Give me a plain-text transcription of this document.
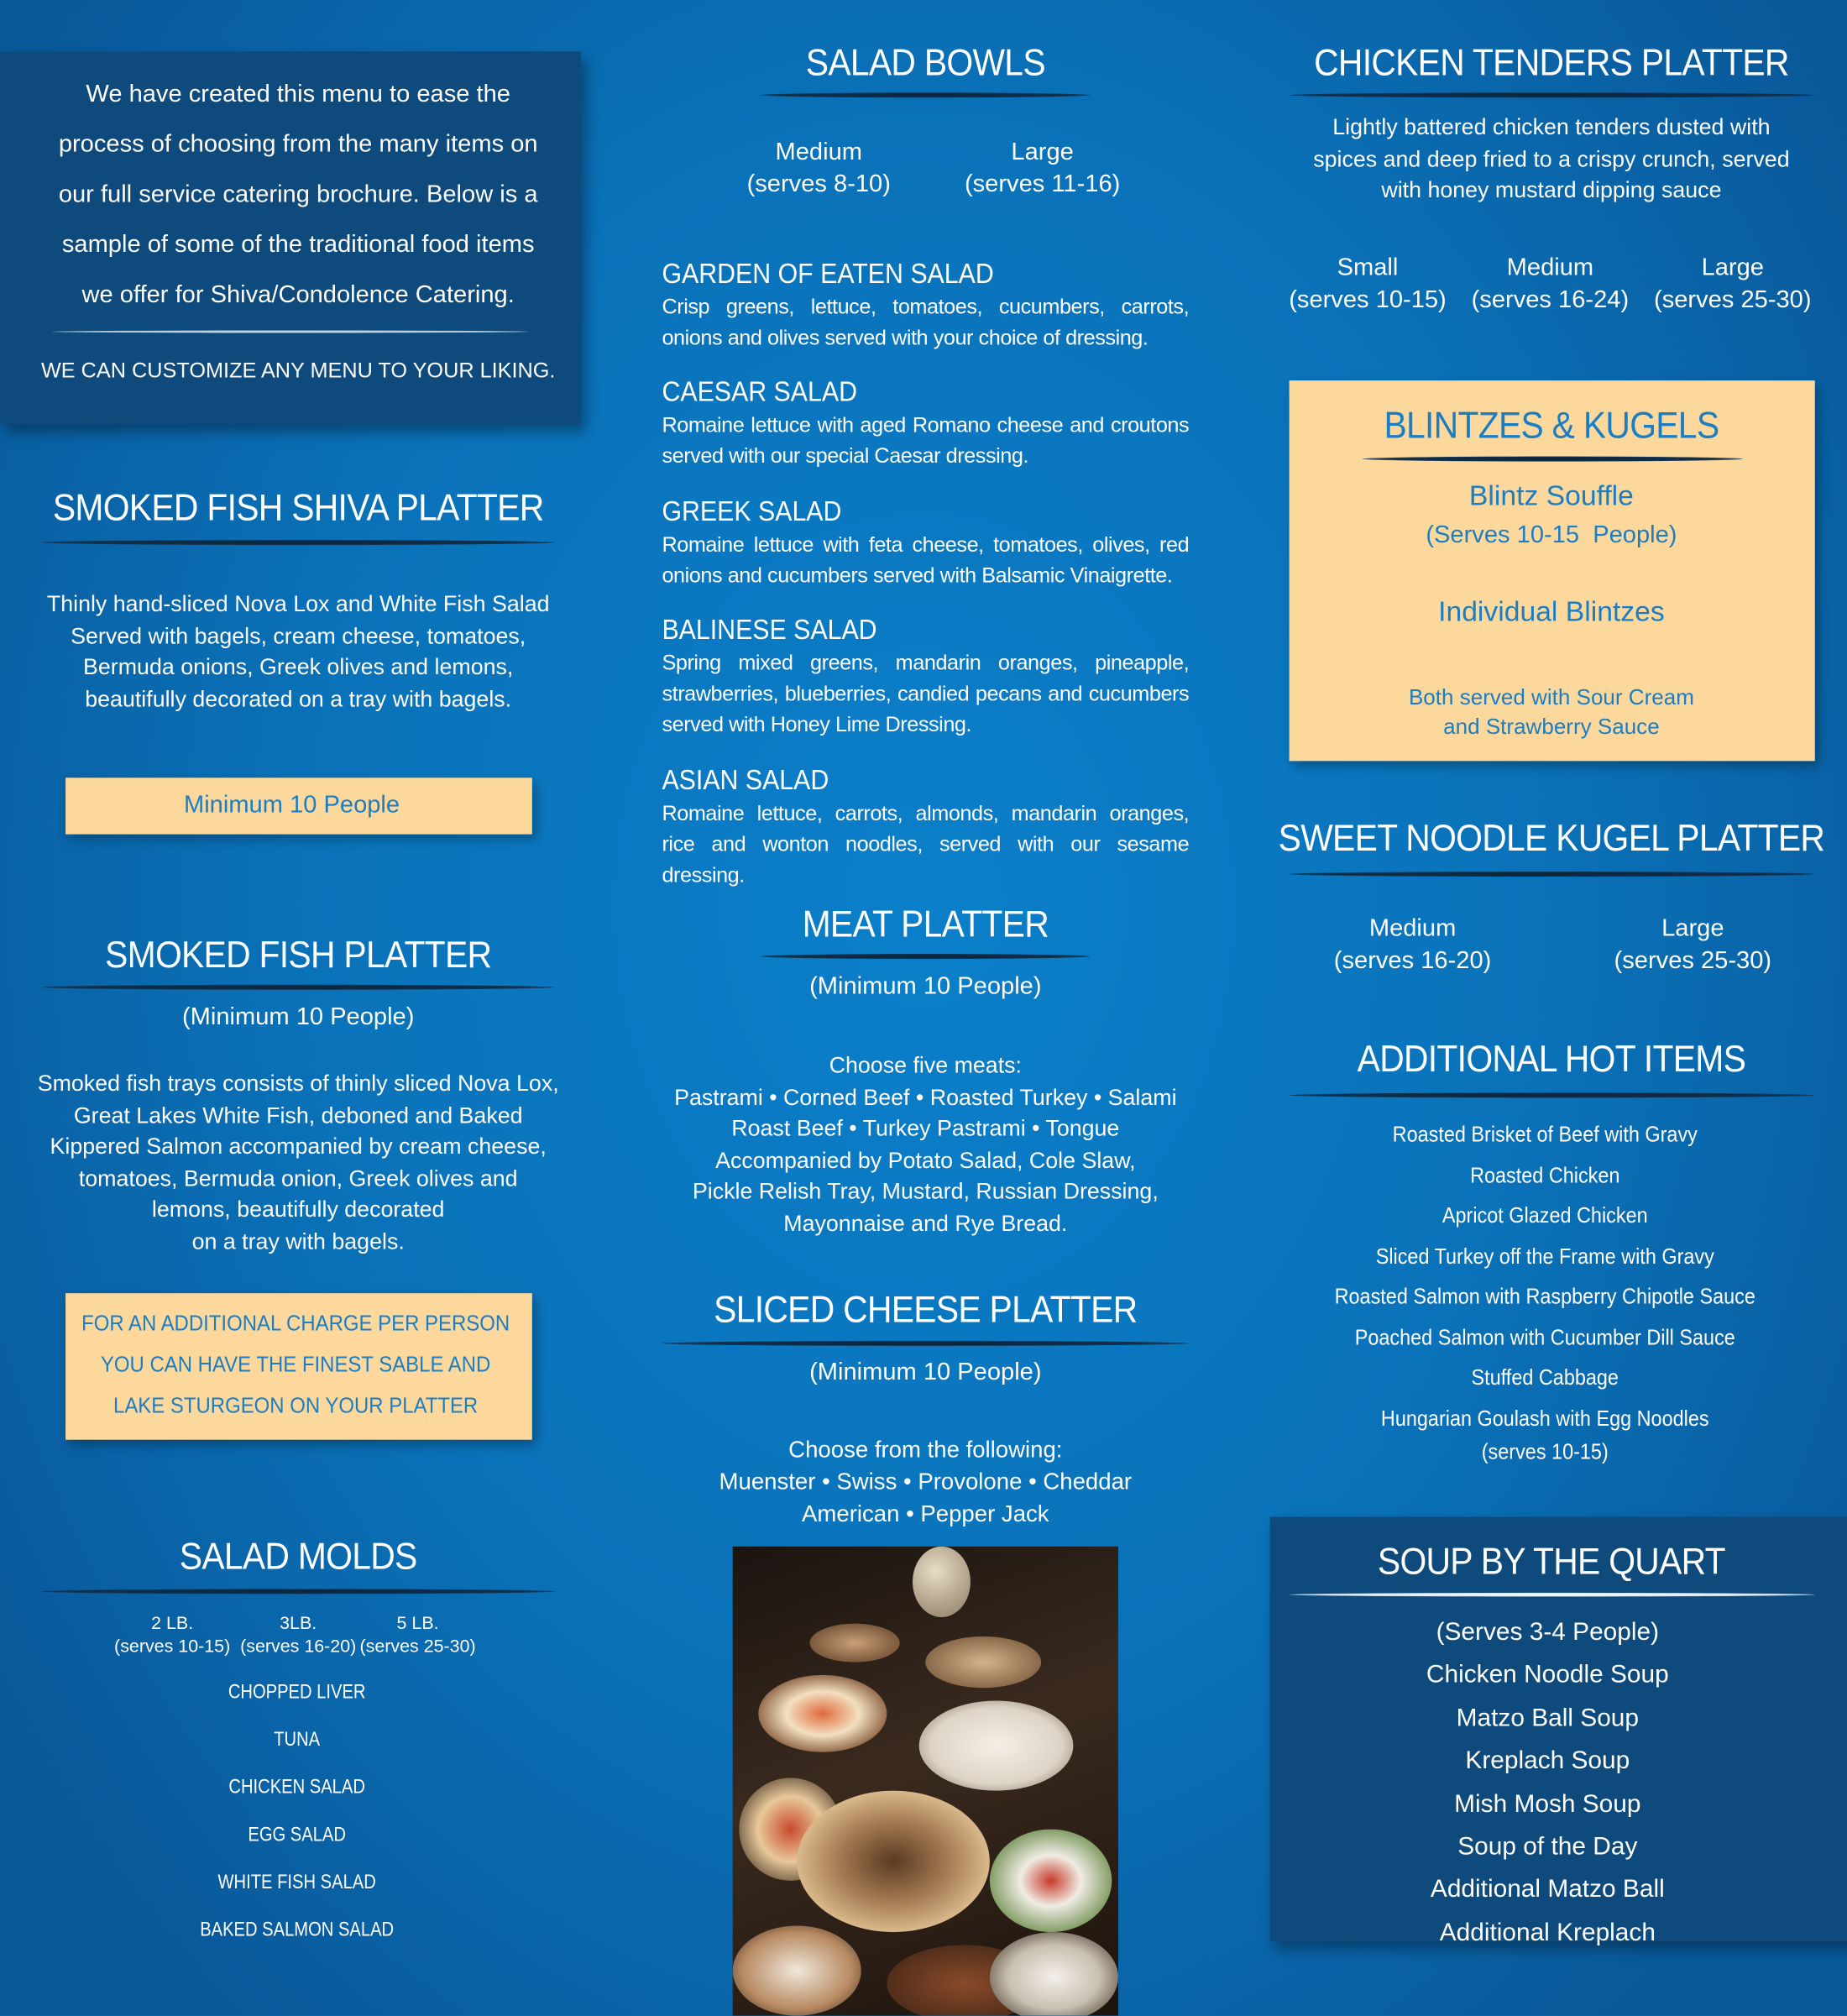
We have created this menu to ease the
process of choosing from the many items on
our full service catering brochure. Below is a
sample of some of the traditional food items
we offer for Shiva/Condolence Catering.
WE CAN CUSTOMIZE ANY MENU TO YOUR LIKING.
SMOKED FISH SHIVA PLATTER
Thinly hand-sliced Nova Lox and White Fish Salad
Served with bagels, cream cheese, tomatoes,
Bermuda onions, Greek olives and lemons,
beautifully decorated on a tray with bagels.
Minimum 10 People
SMOKED FISH PLATTER
(Minimum 10 People)
Smoked fish trays consists of thinly sliced Nova Lox,
Great Lakes White Fish, deboned and Baked
Kippered Salmon accompanied by cream cheese,
tomatoes, Bermuda onion, Greek olives and
lemons, beautifully decorated
on a tray with bagels.
FOR AN ADDITIONAL CHARGE PER PERSON
YOU CAN HAVE THE FINEST SABLE AND
LAKE STURGEON ON YOUR PLATTER
SALAD MOLDS
2 LB.
(serves 10-15)
3LB.
(serves 16-20)
5 LB.
(serves 25-30)
CHOPPED LIVER
TUNA
CHICKEN SALAD
EGG SALAD
WHITE FISH SALAD
BAKED SALMON SALAD
SALAD BOWLS
Medium
(serves 8-10)
Large
(serves 11-16)
GARDEN OF EATEN SALAD
Crisp greens, lettuce, tomatoes, cucumbers, carrots, onions and olives served with your choice of dressing.
CAESAR SALAD
Romaine lettuce with aged Romano cheese and croutons served with our special Caesar dressing.
GREEK SALAD
Romaine lettuce with feta cheese, tomatoes, olives, red onions and cucumbers served with Balsamic Vinaigrette.
BALINESE SALAD
Spring mixed greens, mandarin oranges, pineapple, strawberries, blueberries, candied pecans and cucumbers served with Honey Lime Dressing.
ASIAN SALAD
Romaine lettuce, carrots, almonds, mandarin oranges, rice and wonton noodles, served with our sesame dressing.
MEAT PLATTER
(Minimum 10 People)
Choose five meats:
Pastrami • Corned Beef • Roasted Turkey • Salami
Roast Beef • Turkey Pastrami • Tongue
Accompanied by Potato Salad, Cole Slaw,
Pickle Relish Tray, Mustard, Russian Dressing,
Mayonnaise and Rye Bread.
SLICED CHEESE PLATTER
(Minimum 10 People)
Choose from the following:
Muenster • Swiss • Provolone • Cheddar
American • Pepper Jack
CHICKEN TENDERS PLATTER
Lightly battered chicken tenders dusted with
spices and deep fried to a crispy crunch, served
with honey mustard dipping sauce
Small
(serves 10-15)
Medium
(serves 16-24)
Large
(serves 25-30)
BLINTZES & KUGELS
Blintz Souffle
(Serves 10-15  People)
Individual Blintzes
Both served with Sour Cream
and Strawberry Sauce
SWEET NOODLE KUGEL PLATTER
Medium
(serves 16-20)
Large
(serves 25-30)
ADDITIONAL HOT ITEMS
Roasted Brisket of Beef with Gravy
Roasted Chicken
Apricot Glazed Chicken
Sliced Turkey off the Frame with Gravy
Roasted Salmon with Raspberry Chipotle Sauce
Poached Salmon with Cucumber Dill Sauce
Stuffed Cabbage
Hungarian Goulash with Egg Noodles
(serves 10-15)
SOUP BY THE QUART
(Serves 3-4 People)
Chicken Noodle Soup
Matzo Ball Soup
Kreplach Soup
Mish Mosh Soup
Soup of the Day
Additional Matzo Ball
Additional Kreplach
